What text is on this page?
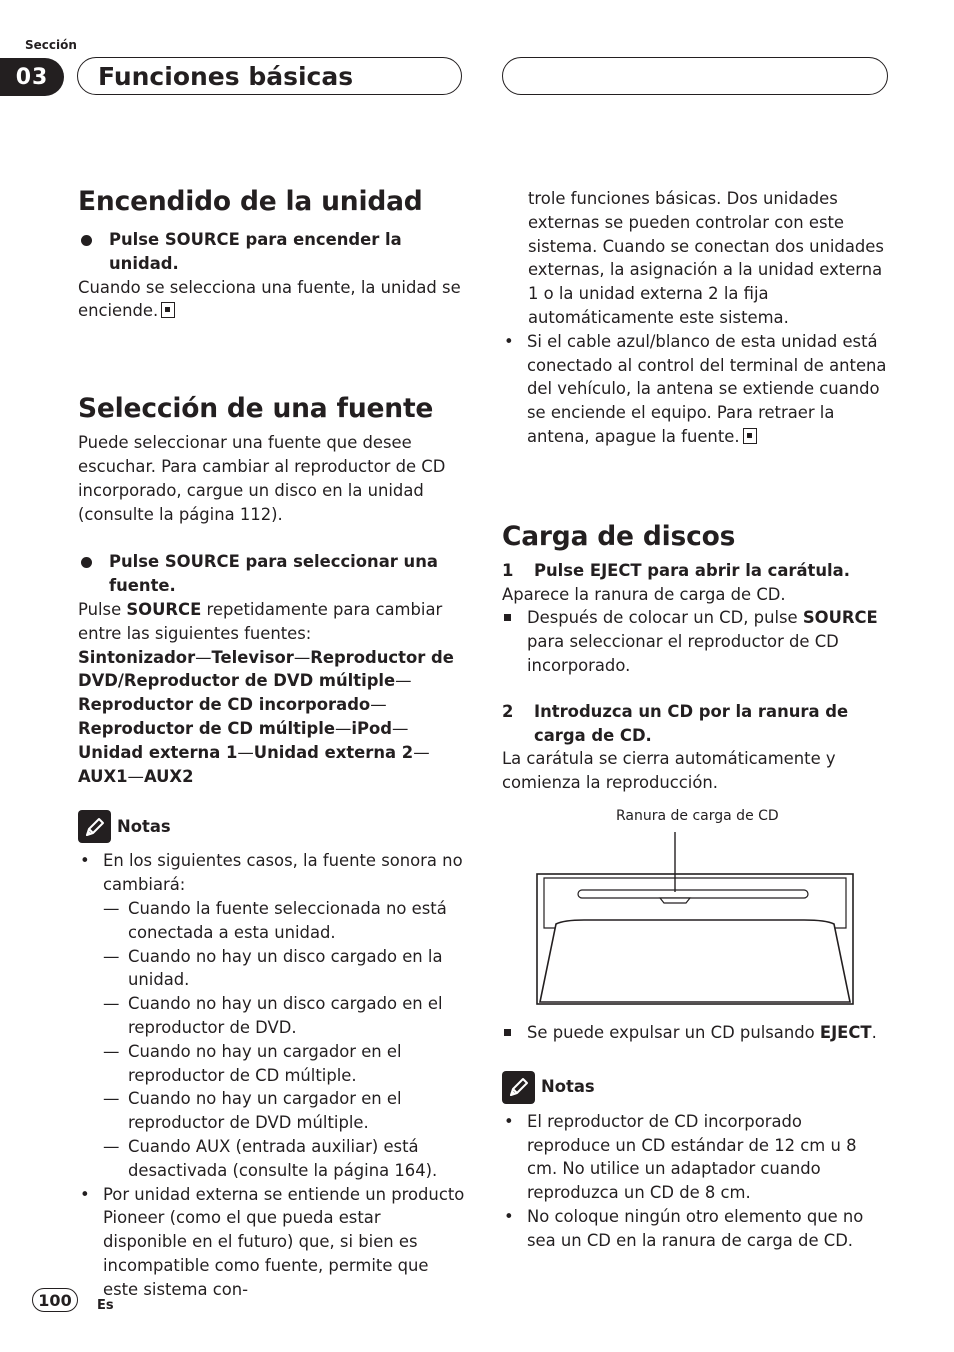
Sección
03	Funciones básicas
Encendido de la unidad
Pulse SOURCE para encender la unidad.

Cuando se selecciona una fuente, la unidad se enciende.

Selección de una fuente

Puede seleccionar una fuente que desee escuchar. Para cambiar al reproductor de CD incorporado, cargue un disco en la unidad (consulte la página 112).

Pulse SOURCE para seleccionar una fuente.

Pulse SOURCE repetidamente para cambiar entre las siguientes fuentes:

Sintonizador—Televisor—Reproductor de DVD/Reproductor de DVD múltiple—Reproductor de CD incorporado—Reproductor de CD múltiple—iPod—Unidad externa 1—Unidad externa 2—AUX1—AUX2

Notas
• En los siguientes casos, la fuente sonora no cambiará:
— Cuando la fuente seleccionada no está conectada a esta unidad.
— Cuando no hay un disco cargado en la unidad.
— Cuando no hay un disco cargado en el reproductor de DVD.
— Cuando no hay un cargador en el reproductor de CD múltiple.
— Cuando no hay un cargador en el reproductor de DVD múltiple.
— Cuando AUX (entrada auxiliar) está desactivada (consulte la página 164).
• Por unidad externa se entiende un producto Pioneer (como el que pueda estar disponible en el futuro) que, si bien es incompatible como fuente, permite que este sistema con-

trole funciones básicas. Dos unidades externas se pueden controlar con este sistema. Cuando se conectan dos unidades externas, la asignación a la unidad externa 1 o la unidad externa 2 la fija automáticamente este sistema.

• Si el cable azul/blanco de esta unidad está conectado al control del terminal de antena del vehículo, la antena se extiende cuando se enciende el equipo. Para retraer la antena, apague la fuente.
Carga de discos
1	Pulse EJECT para abrir la carátula.

Aparece la ranura de carga de CD.

Después de colocar un CD, pulse SOURCE para seleccionar el reproductor de CD incorporado.

2	Introduzca un CD por la ranura de carga de CD.

La carátula se cierra automáticamente y comienza la reproducción.

Ranura de carga de CD

Se puede expulsar un CD pulsando EJECT.

Notas
• El reproductor de CD incorporado reproduce un CD estándar de 12 cm u 8 cm. No utilice un adaptador cuando reproduzca un CD de 8 cm.
• No coloque ningún otro elemento que no sea un CD en la ranura de carga de CD.
100	Es
